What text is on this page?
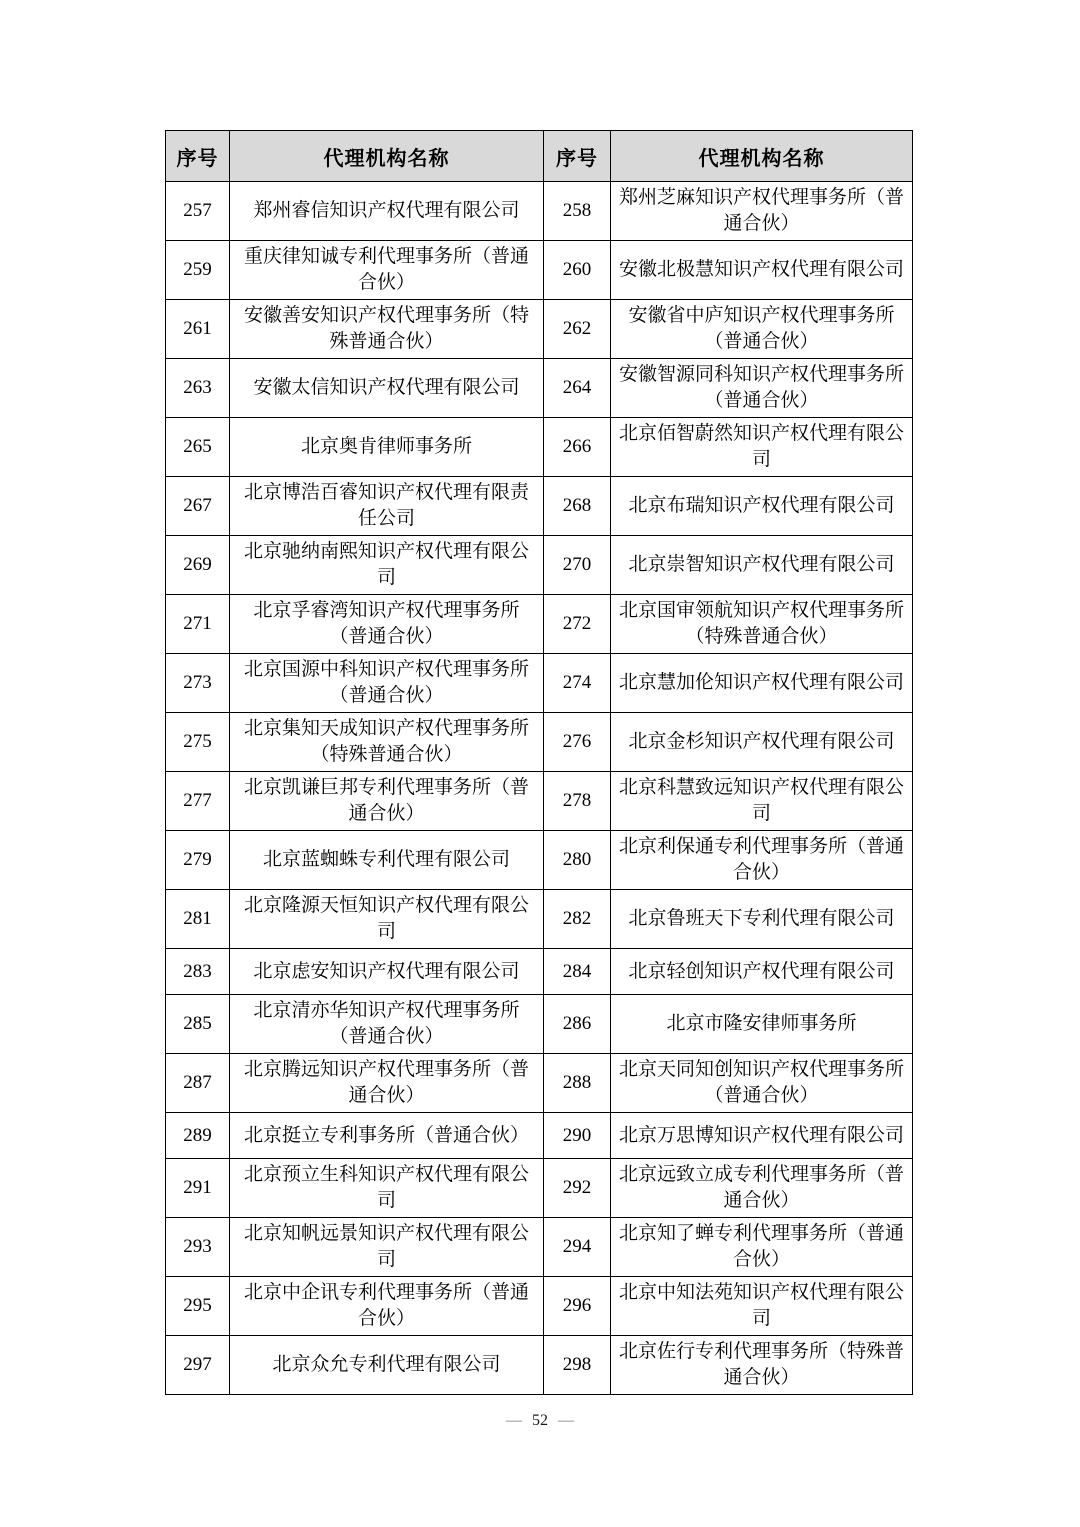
序号	代理机构名称	序号	代理机构名称
257	郑州睿信知识产权代理有限公司	258	郑州芝麻知识产权代理事务所（普通合伙）
259	重庆律知诚专利代理事务所（普通合伙）	260	安徽北极慧知识产权代理有限公司
261	安徽善安知识产权代理事务所（特殊普通合伙）	262	安徽省中庐知识产权代理事务所（普通合伙）
263	安徽太信知识产权代理有限公司	264	安徽智源同科知识产权代理事务所（普通合伙）
265	北京奥肯律师事务所	266	北京佰智蔚然知识产权代理有限公司
267	北京博浩百睿知识产权代理有限责任公司	268	北京布瑞知识产权代理有限公司
269	北京驰纳南熙知识产权代理有限公司	270	北京崇智知识产权代理有限公司
271	北京孚睿湾知识产权代理事务所（普通合伙）	272	北京国审领航知识产权代理事务所（特殊普通合伙）
273	北京国源中科知识产权代理事务所（普通合伙）	274	北京慧加伦知识产权代理有限公司
275	北京集知天成知识产权代理事务所（特殊普通合伙）	276	北京金杉知识产权代理有限公司
277	北京凯谦巨邦专利代理事务所（普通合伙）	278	北京科慧致远知识产权代理有限公司
279	北京蓝蜘蛛专利代理有限公司	280	北京利保通专利代理事务所（普通合伙）
281	北京隆源天恒知识产权代理有限公司	282	北京鲁班天下专利代理有限公司
283	北京虑安知识产权代理有限公司	284	北京轻创知识产权代理有限公司
285	北京清亦华知识产权代理事务所（普通合伙）	286	北京市隆安律师事务所
287	北京腾远知识产权代理事务所（普通合伙）	288	北京天同知创知识产权代理事务所（普通合伙）
289	北京挺立专利事务所（普通合伙）	290	北京万思博知识产权代理有限公司
291	北京预立生科知识产权代理有限公司	292	北京远致立成专利代理事务所（普通合伙）
293	北京知帆远景知识产权代理有限公司	294	北京知了蝉专利代理事务所（普通合伙）
295	北京中企讯专利代理事务所（普通合伙）	296	北京中知法苑知识产权代理有限公司
297	北京众允专利代理有限公司	298	北京佐行专利代理事务所（特殊普通合伙）
— 52 —
